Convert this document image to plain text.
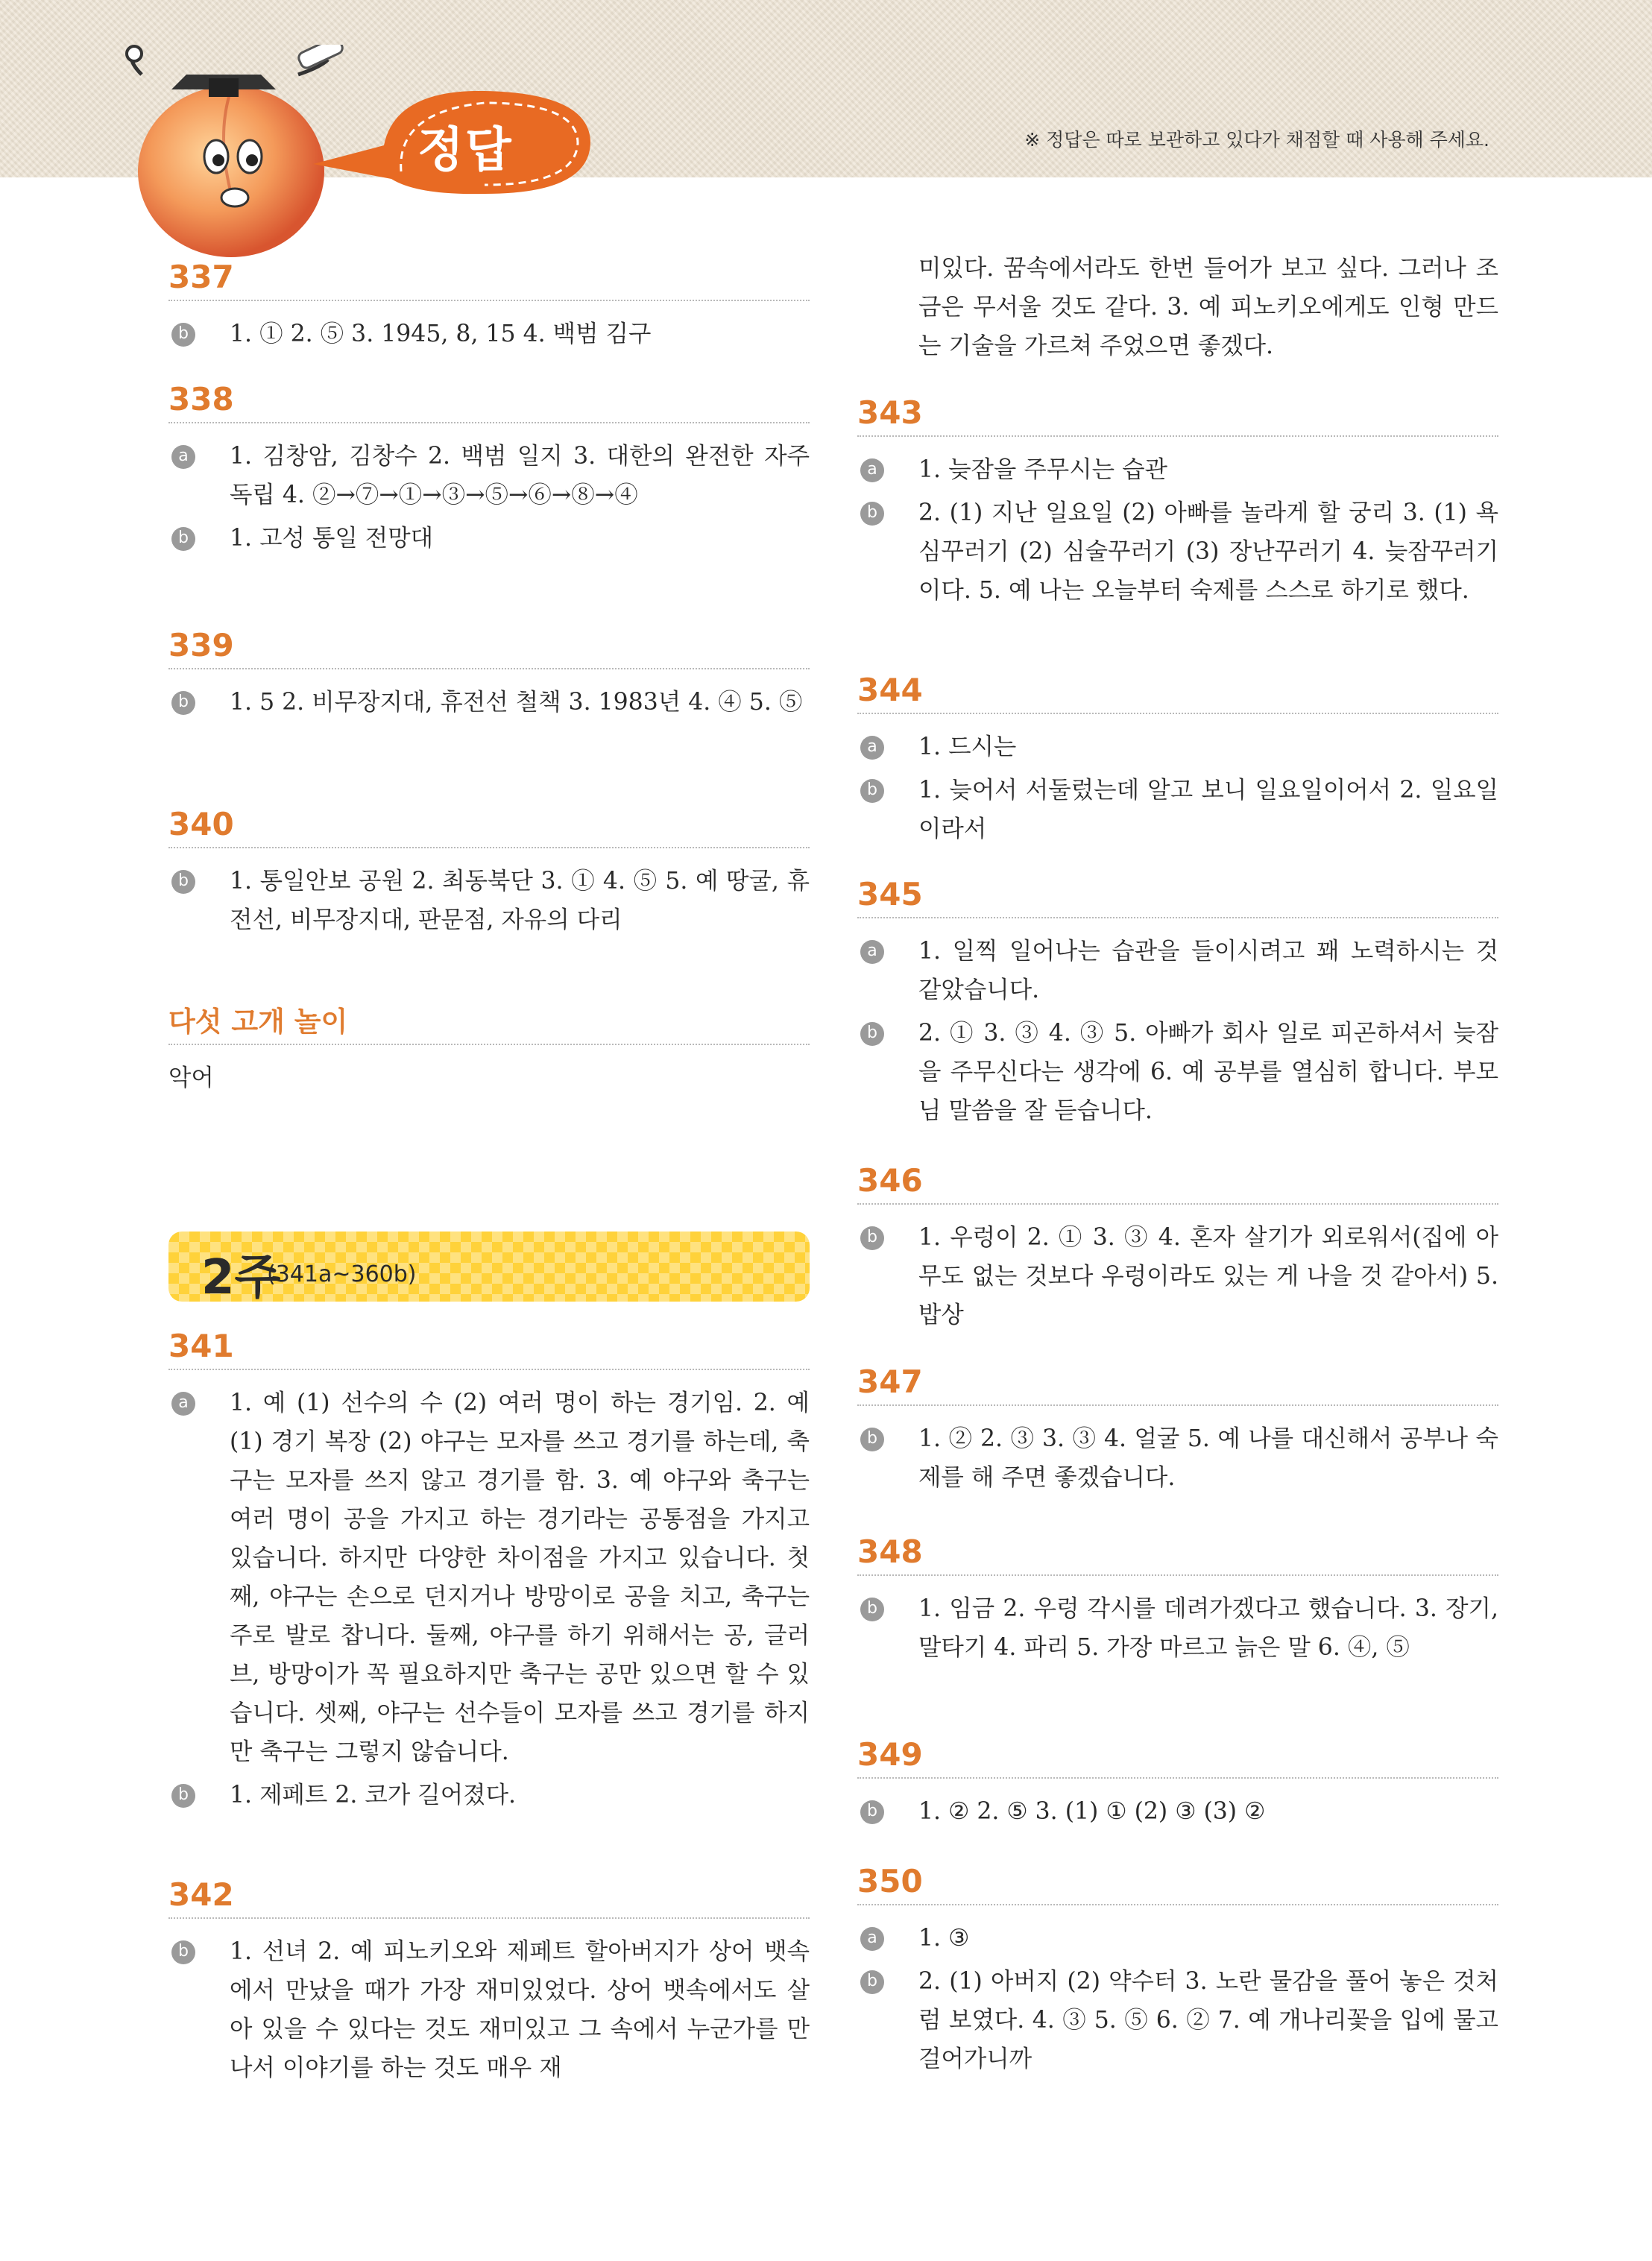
정답	※ 정답은 따로 보관하고 있다가 채점할 때 사용해 주세요.
337
b 1. ① 2. ⑤ 3. 1945, 8, 15 4. 백범 김구
338
a 1. 김창암, 김창수 2. 백범 일지 3. 대한의 완전한 자주 독립 4. ②→⑦→①→③→⑤→⑥→⑧→④
b 1. 고성 통일 전망대
339
b 1. 5 2. 비무장지대, 휴전선 철책 3. 1983년 4. ④ 5. ⑤
340
b 1. 통일안보 공원 2. 최동북단 3. ① 4. ⑤ 5. 예 땅굴, 휴전선, 비무장지대, 판문점, 자유의 다리
다섯 고개 놀이
악어
2주
(341a~360b)
341
a 1. 예 (1) 선수의 수 (2) 여러 명이 하는 경기임. 2. 예 (1) 경기 복장 (2) 야구는 모자를 쓰고 경기를 하는데, 축구는 모자를 쓰지 않고 경기를 함. 3. 예 야구와 축구는 여러 명이 공을 가지고 하는 경기라는 공통점을 가지고 있습니다. 하지만 다양한 차이점을 가지고 있습니다. 첫째, 야구는 손으로 던지거나 방망이로 공을 치고, 축구는 주로 발로 찹니다. 둘째, 야구를 하기 위해서는 공, 글러브, 방망이가 꼭 필요하지만 축구는 공만 있으면 할 수 있습니다. 셋째, 야구는 선수들이 모자를 쓰고 경기를 하지만 축구는 그렇지 않습니다.
b 1. 제페트 2. 코가 길어졌다.
342
b 1. 선녀 2. 예 피노키오와 제페트 할아버지가 상어 뱃속에서 만났을 때가 가장 재미있었다. 상어 뱃속에서도 살아 있을 수 있다는 것도 재미있고 그 속에서 누군가를 만나서 이야기를 하는 것도 매우 재
미있다. 꿈속에서라도 한번 들어가 보고 싶다. 그러나 조금은 무서울 것도 같다. 3. 예 피노키오에게도 인형 만드는 기술을 가르쳐 주었으면 좋겠다.
343
a 1. 늦잠을 주무시는 습관
b 2. (1) 지난 일요일 (2) 아빠를 놀라게 할 궁리 3. (1) 욕심꾸러기 (2) 심술꾸러기 (3) 장난꾸러기 4. 늦잠꾸러기이다. 5. 예 나는 오늘부터 숙제를 스스로 하기로 했다.
344
a 1. 드시는
b 1. 늦어서 서둘렀는데 알고 보니 일요일이어서 2. 일요일이라서
345
a 1. 일찍 일어나는 습관을 들이시려고 꽤 노력하시는 것 같았습니다.
b 2. ① 3. ③ 4. ③ 5. 아빠가 회사 일로 피곤하셔서 늦잠을 주무신다는 생각에 6. 예 공부를 열심히 합니다. 부모님 말씀을 잘 듣습니다.
346
b 1. 우렁이 2. ① 3. ③ 4. 혼자 살기가 외로워서(집에 아무도 없는 것보다 우렁이라도 있는 게 나을 것 같아서) 5. 밥상
347
b 1. ② 2. ③ 3. ③ 4. 얼굴 5. 예 나를 대신해서 공부나 숙제를 해 주면 좋겠습니다.
348
b 1. 임금 2. 우렁 각시를 데려가겠다고 했습니다. 3. 장기, 말타기 4. 파리 5. 가장 마르고 늙은 말 6. ④, ⑤
349
b 1. ② 2. ⑤ 3. (1) ① (2) ③ (3) ②
350
a 1. ③
b 2. (1) 아버지 (2) 약수터 3. 노란 물감을 풀어 놓은 것처럼 보였다. 4. ③ 5. ⑤ 6. ② 7. 예 개나리꽃을 입에 물고 걸어가니까
